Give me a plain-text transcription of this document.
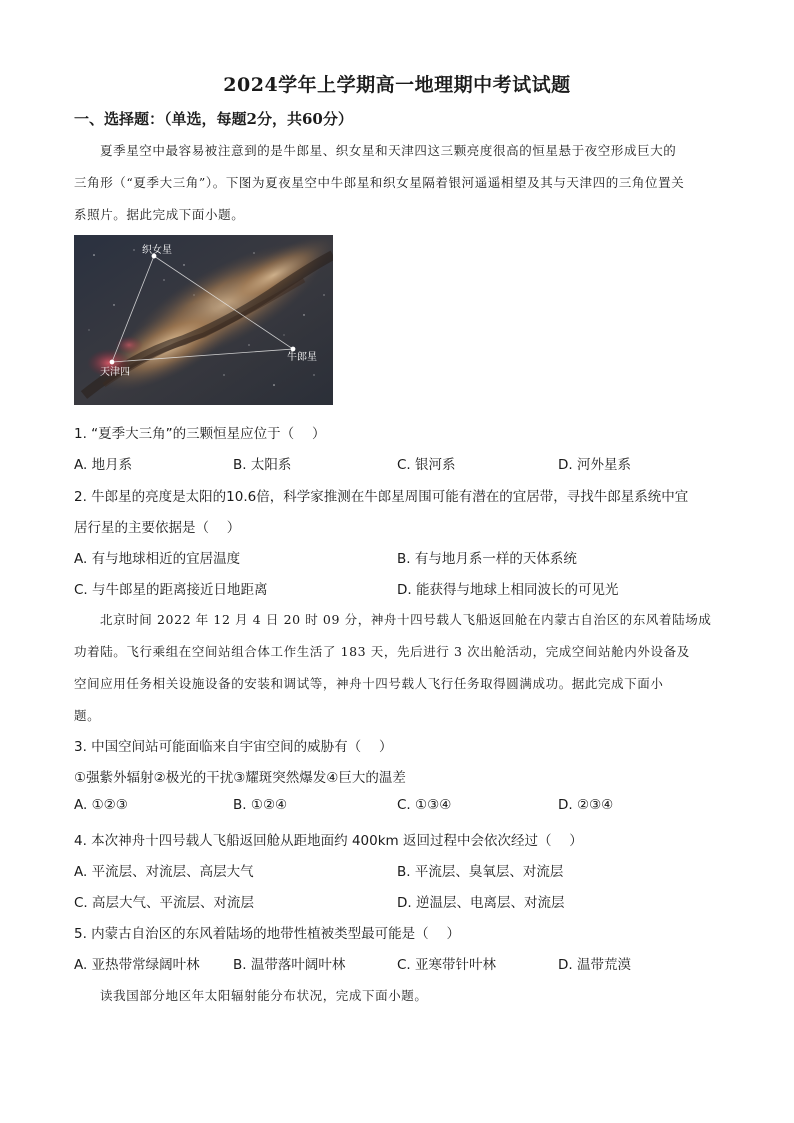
2024学年上学期高一地理期中考试试题
一、选择题：（单选，每题2分，共60分）
夏季星空中最容易被注意到的是牛郎星、织女星和天津四这三颗亮度很高的恒星悬于夜空形成巨大的
三角形（“夏季大三角”）。下图为夏夜星空中牛郎星和织女星隔着银河遥遥相望及其与天津四的三角位置关
系照片。据此完成下面小题。
织女星
牛郎星
天津四
1. “夏季大三角”的三颗恒星应位于（　 ）
A. 地月系	B. 太阳系	C. 银河系	D. 河外星系
2. 牛郎星的亮度是太阳的10.6倍，科学家推测在牛郎星周围可能有潜在的宜居带，寻找牛郎星系统中宜
居行星的主要依据是（　 ）
A. 有与地球相近的宜居温度	B. 有与地月系一样的天体系统
C. 与牛郎星的距离接近日地距离	D. 能获得与地球上相同波长的可见光
北京时间 2022 年 12 月 4 日 20 时 09 分，神舟十四号载人飞船返回舱在内蒙古自治区的东风着陆场成
功着陆。飞行乘组在空间站组合体工作生活了 183 天，先后进行 3 次出舱活动，完成空间站舱内外设备及
空间应用任务相关设施设备的安装和调试等，神舟十四号载人飞行任务取得圆满成功。据此完成下面小
题。
3. 中国空间站可能面临来自宇宙空间的威胁有（　 ）
①强紫外辐射②极光的干扰③耀斑突然爆发④巨大的温差
A. ①②③	B. ①②④	C. ①③④	D. ②③④
4. 本次神舟十四号载人飞船返回舱从距地面约 400km 返回过程中会依次经过（　 ）
A. 平流层、对流层、高层大气	B. 平流层、臭氧层、对流层
C. 高层大气、平流层、对流层	D. 逆温层、电离层、对流层
5. 内蒙古自治区的东风着陆场的地带性植被类型最可能是（　 ）
A. 亚热带常绿阔叶林 B. 温带落叶阔叶林	C. 亚寒带针叶林	D. 温带荒漠
读我国部分地区年太阳辐射能分布状况，完成下面小题。
